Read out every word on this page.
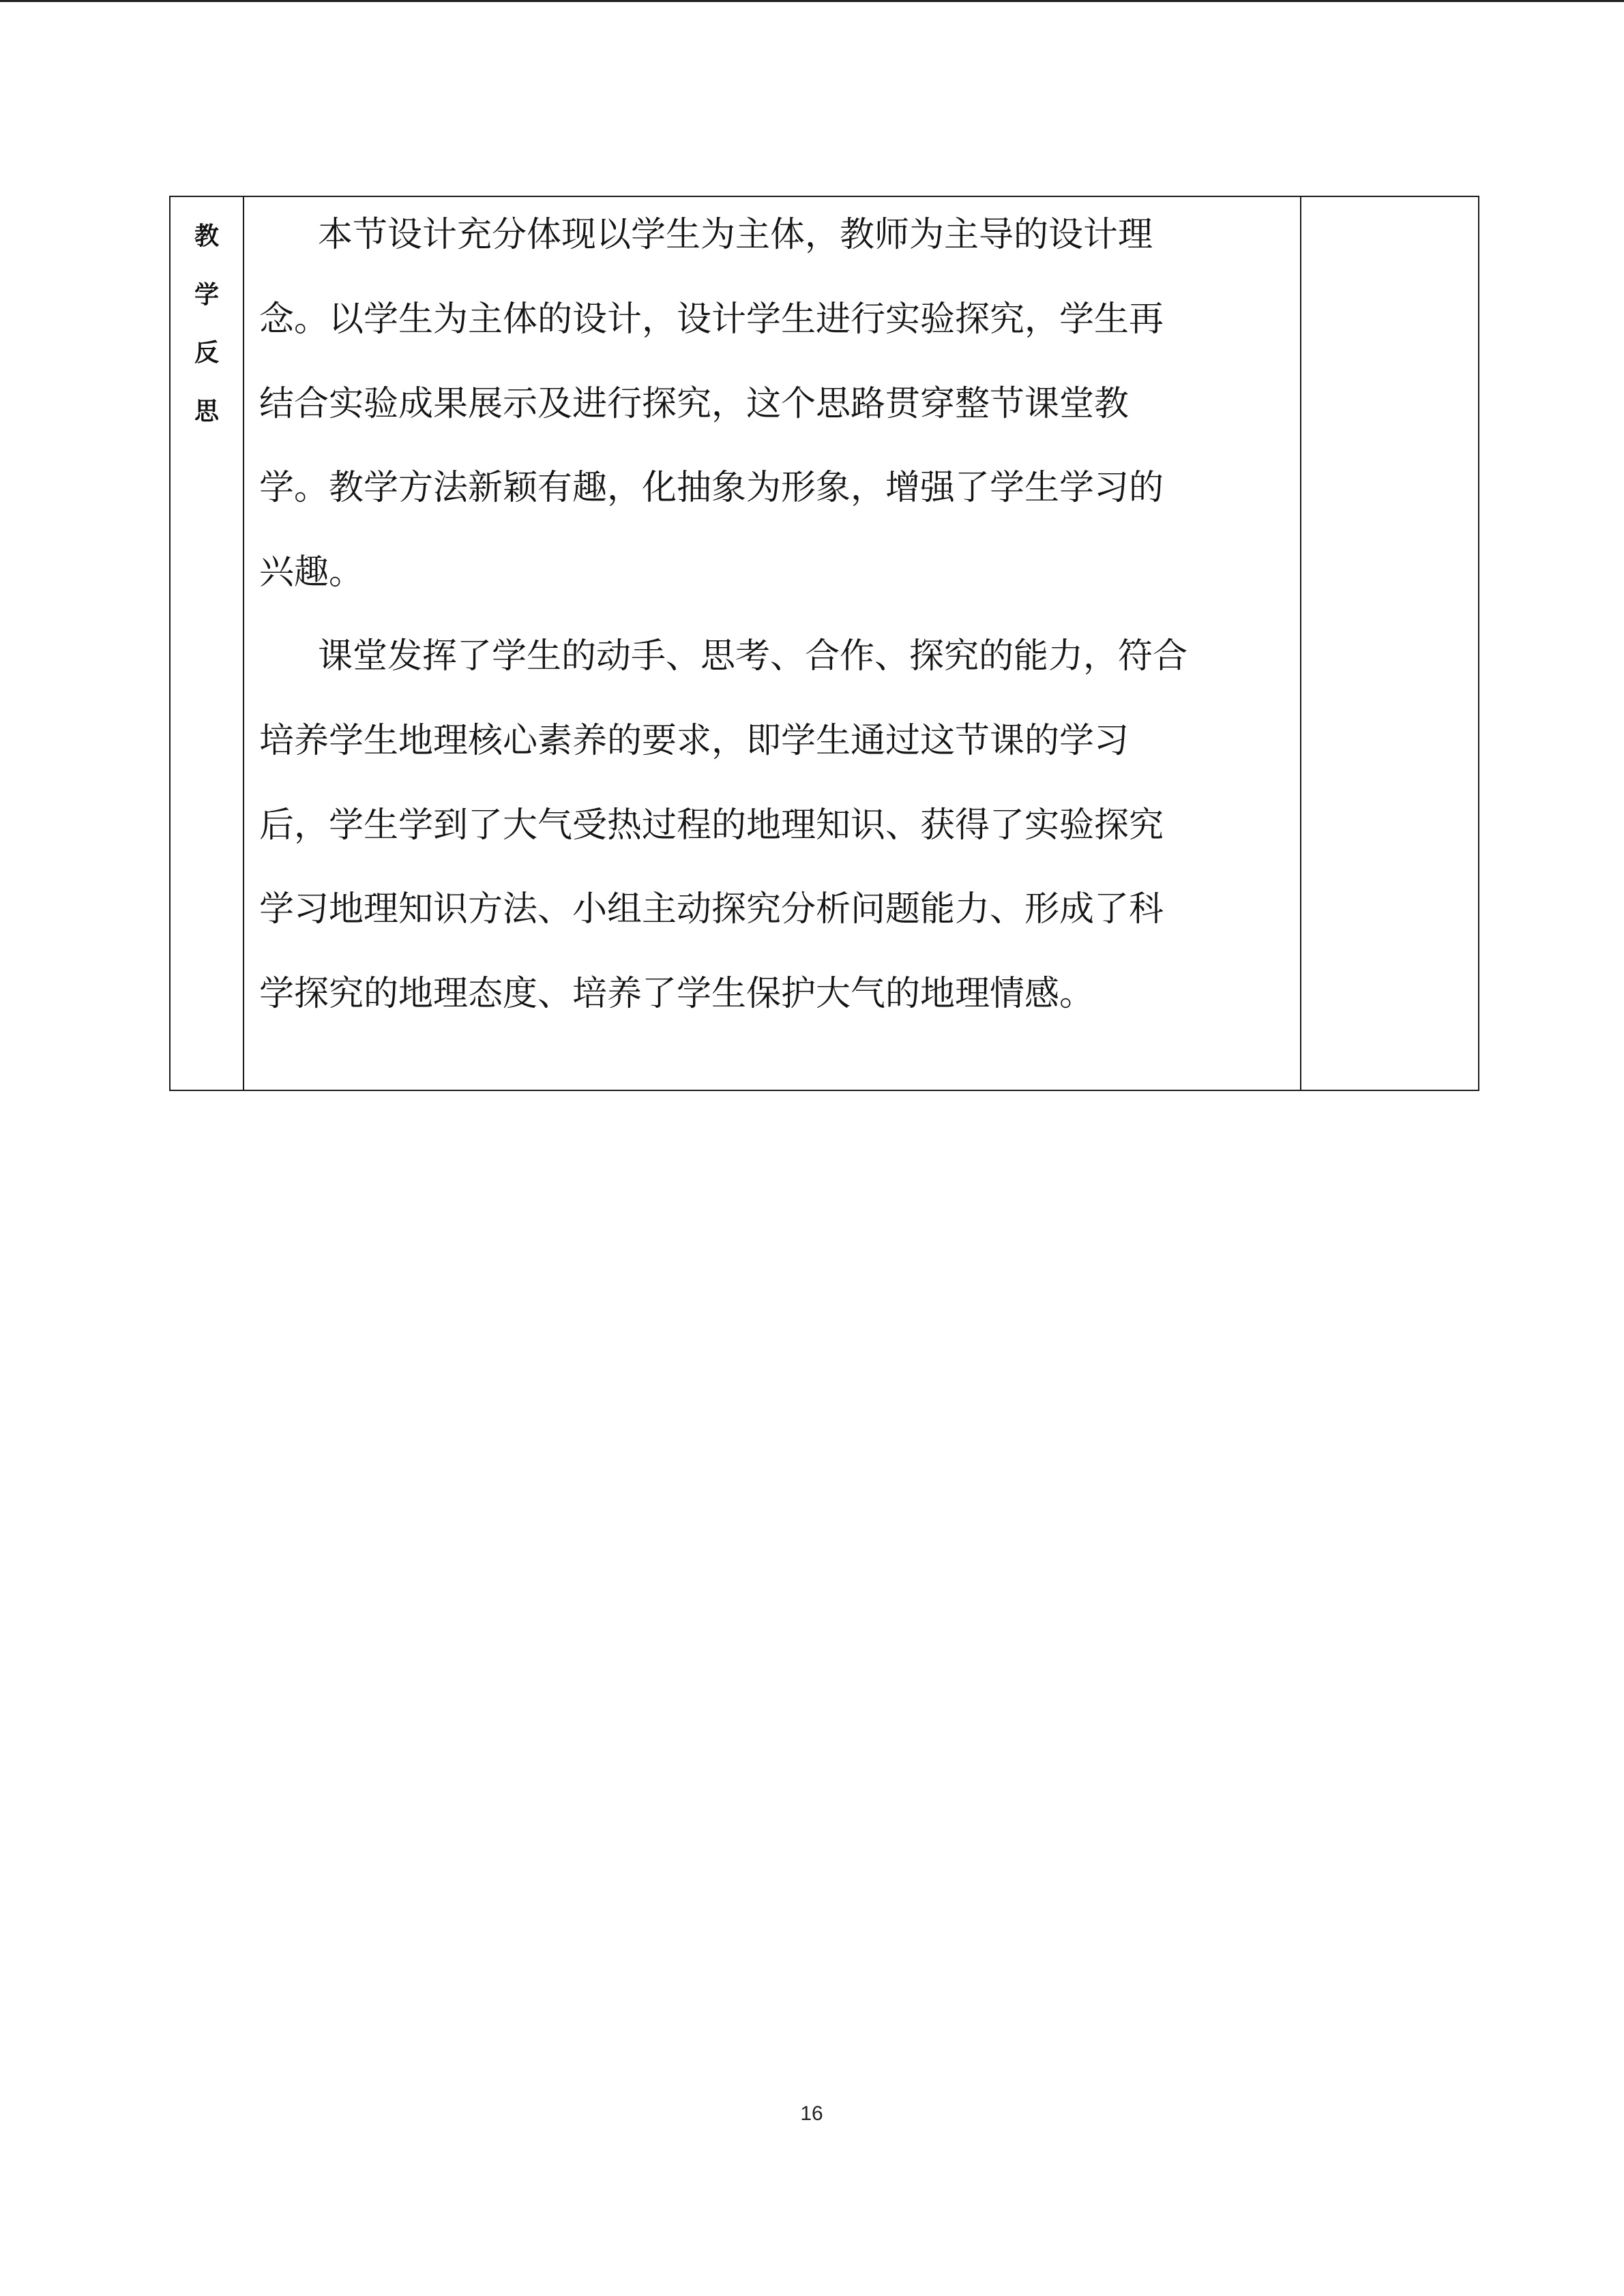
教
学
反
思
本节设计充分体现以学生为主体，教师为主导的设计理
念。以学生为主体的设计，设计学生进行实验探究，学生再
结合实验成果展示及进行探究，这个思路贯穿整节课堂教
学。教学方法新颖有趣，化抽象为形象，增强了学生学习的
兴趣。
课堂发挥了学生的动手、思考、合作、探究的能力，符合
培养学生地理核心素养的要求，即学生通过这节课的学习
后，学生学到了大气受热过程的地理知识、获得了实验探究
学习地理知识方法、小组主动探究分析问题能力、形成了科
学探究的地理态度、培养了学生保护大气的地理情感。
16
